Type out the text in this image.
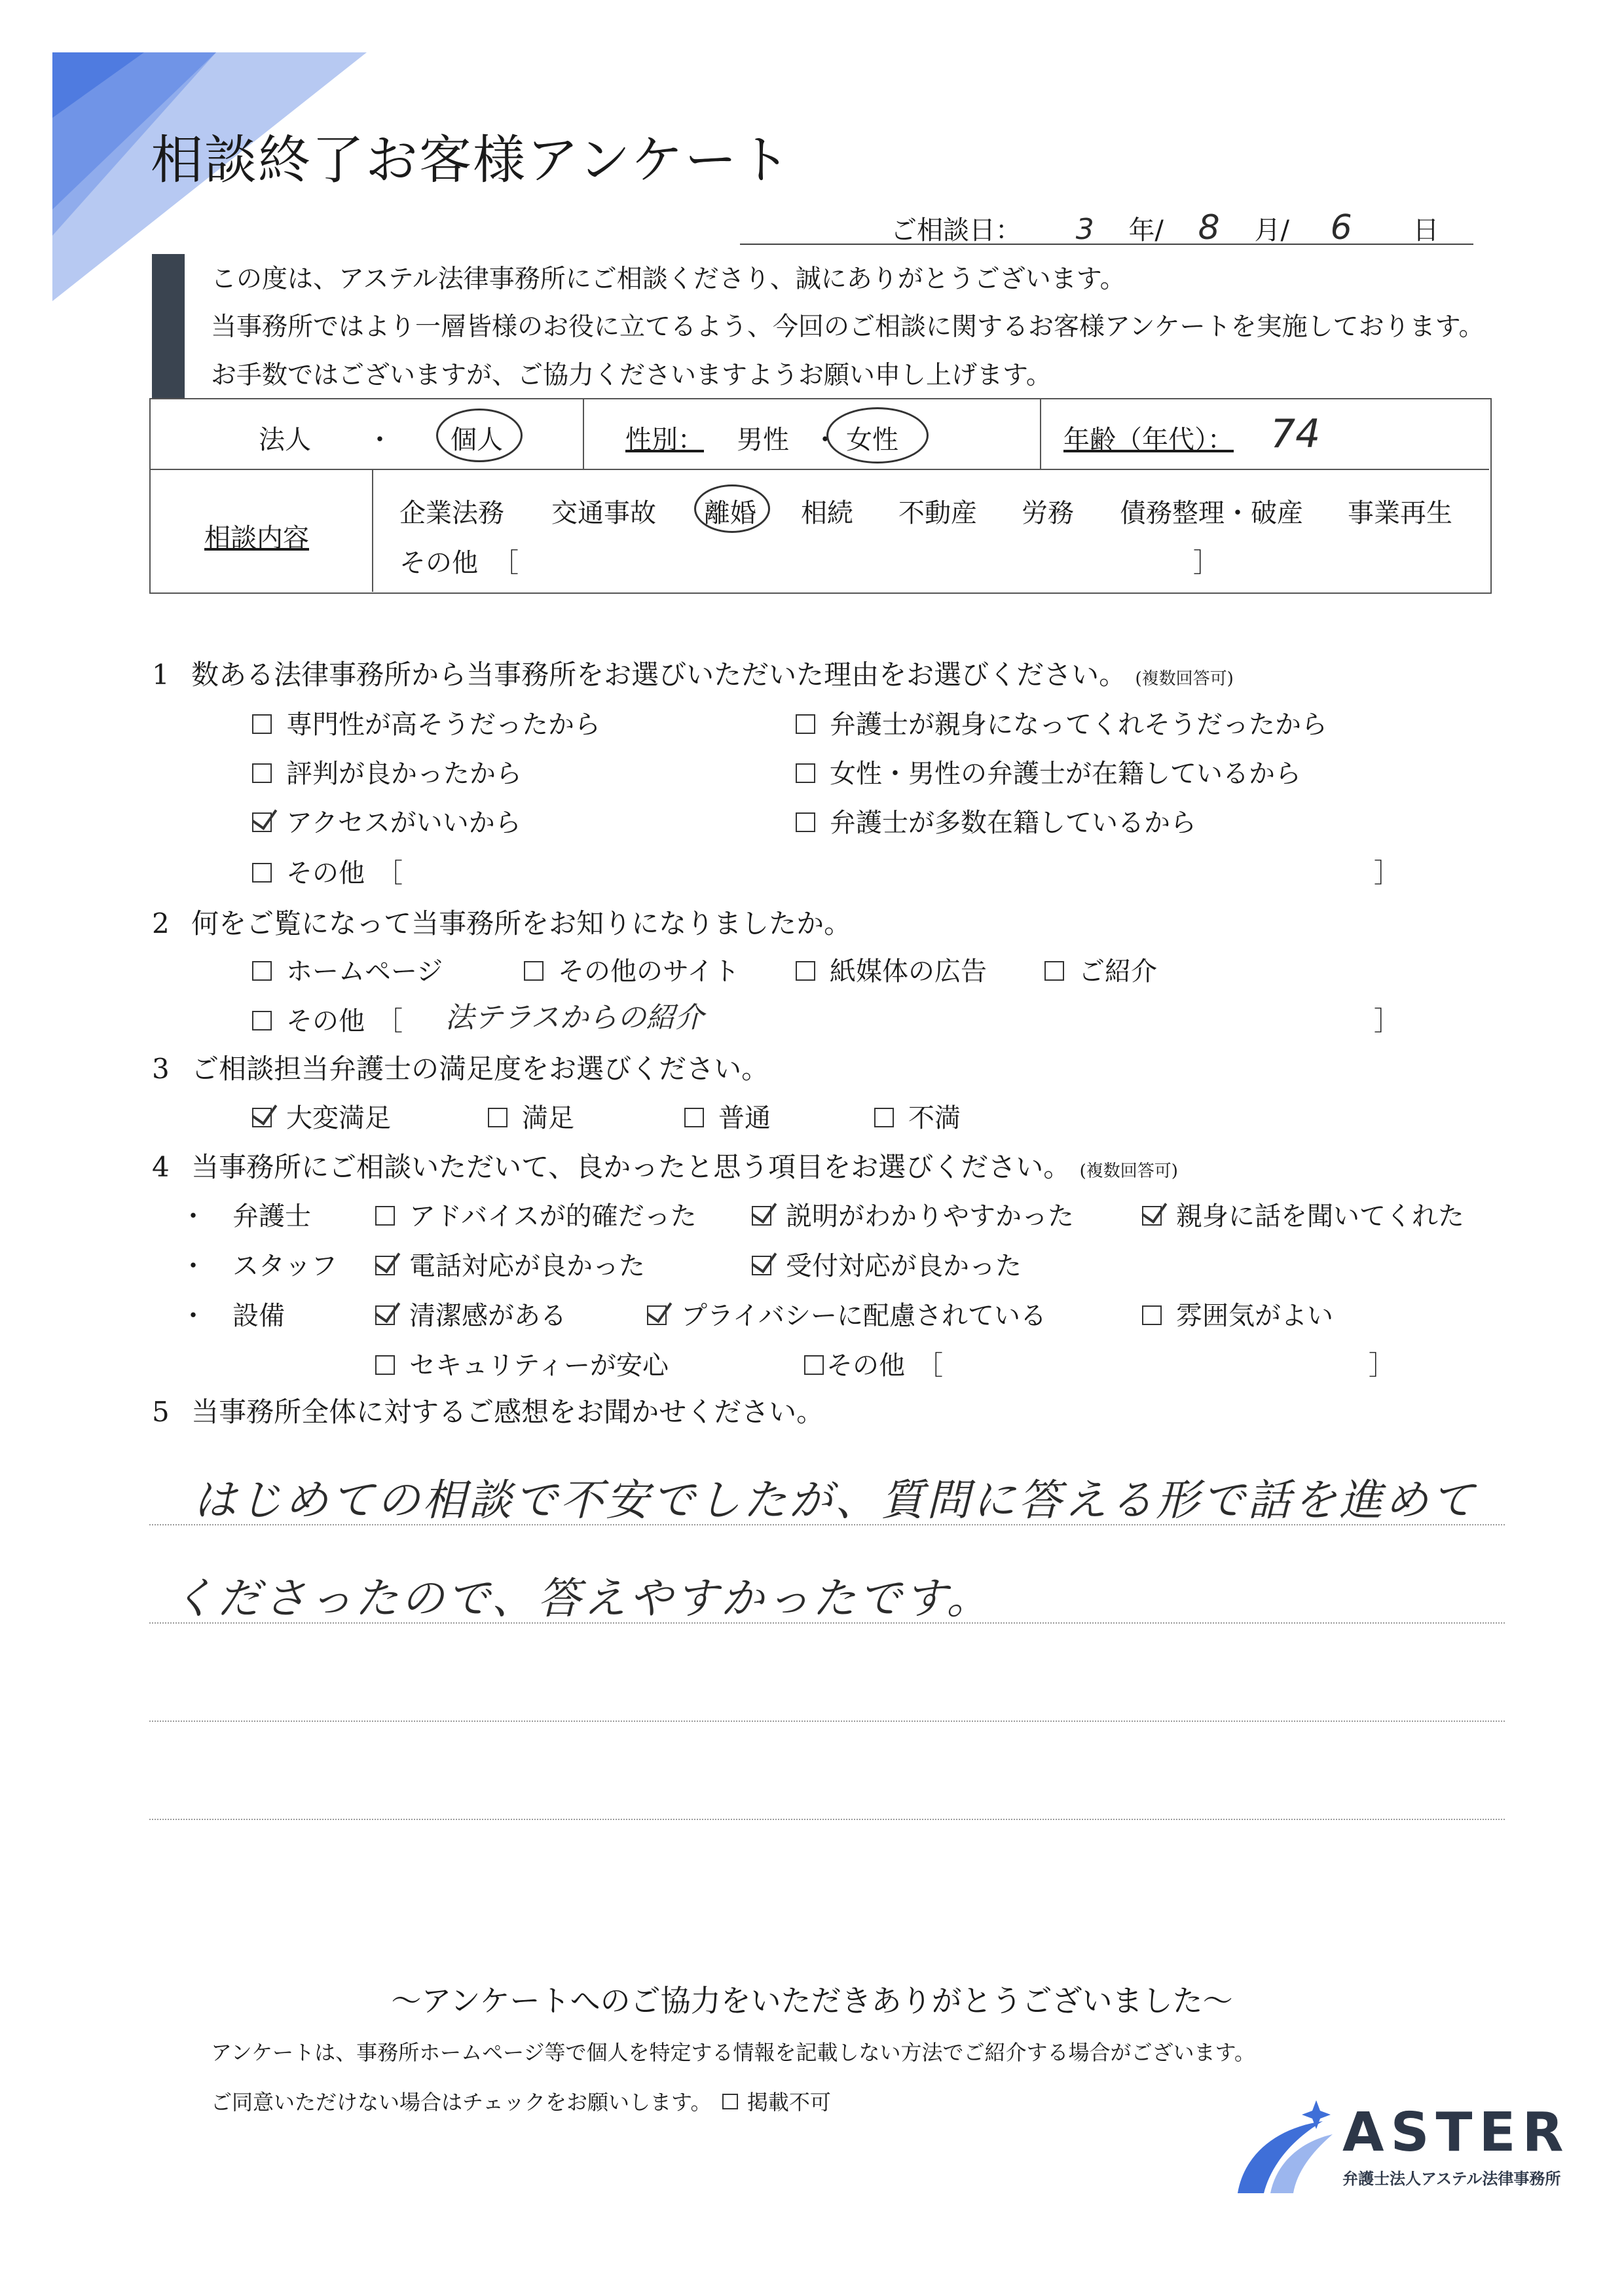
相談終了お客様アンケート
ご相談日： 3 年/ 8 月/ 6 日
この度は、アステル法律事務所にご相談くださり、誠にありがとうございます。
当事務所ではより一層皆様のお役に立てるよう、今回のご相談に関するお客様アンケートを実施しております。
お手数ではございますが、ご協力くださいますようお願い申し上げます。
法人 ・ 個人	性別： 男性 ・ 女性	年齢（年代）： 74
相談内容
企業法務 交通事故 離婚 相続 不動産 労務 債務整理・破産 事業再生
その他 ［	］
1 数ある法律事務所から当事務所をお選びいただいた理由をお選びください。 (複数回答可)
専門性が高そうだったから	弁護士が親身になってくれそうだったから
評判が良かったから	女性・男性の弁護士が在籍しているから
アクセスがいいから	弁護士が多数在籍しているから
その他 ［	］
2 何をご覧になって当事務所をお知りになりましたか。
ホームページ	その他のサイト	紙媒体の広告	ご紹介
その他 ［ 法テラスからの紹介	］
3 ご相談担当弁護士の満足度をお選びください。
大変満足	満足	普通	不満
4 当事務所にご相談いただいて、良かったと思う項目をお選びください。 (複数回答可)
・ 弁護士	アドバイスが的確だった	説明がわかりやすかった	親身に話を聞いてくれた
・ スタッフ	電話対応が良かった	受付対応が良かった
・ 設備	清潔感がある	プライバシーに配慮されている	雰囲気がよい
セキュリティーが安心	その他 ［	］
5 当事務所全体に対するご感想をお聞かせください。
はじめての相談で不安でしたが、質問に答える形で話を進めて
くださったので、答えやすかったです。
〜アンケートへのご協力をいただきありがとうございました〜
アンケートは、事務所ホームページ等で個人を特定する情報を記載しない方法でご紹介する場合がございます。
ご同意いただけない場合はチェックをお願いします。 掲載不可	ASTER
弁護士法人アステル法律事務所
